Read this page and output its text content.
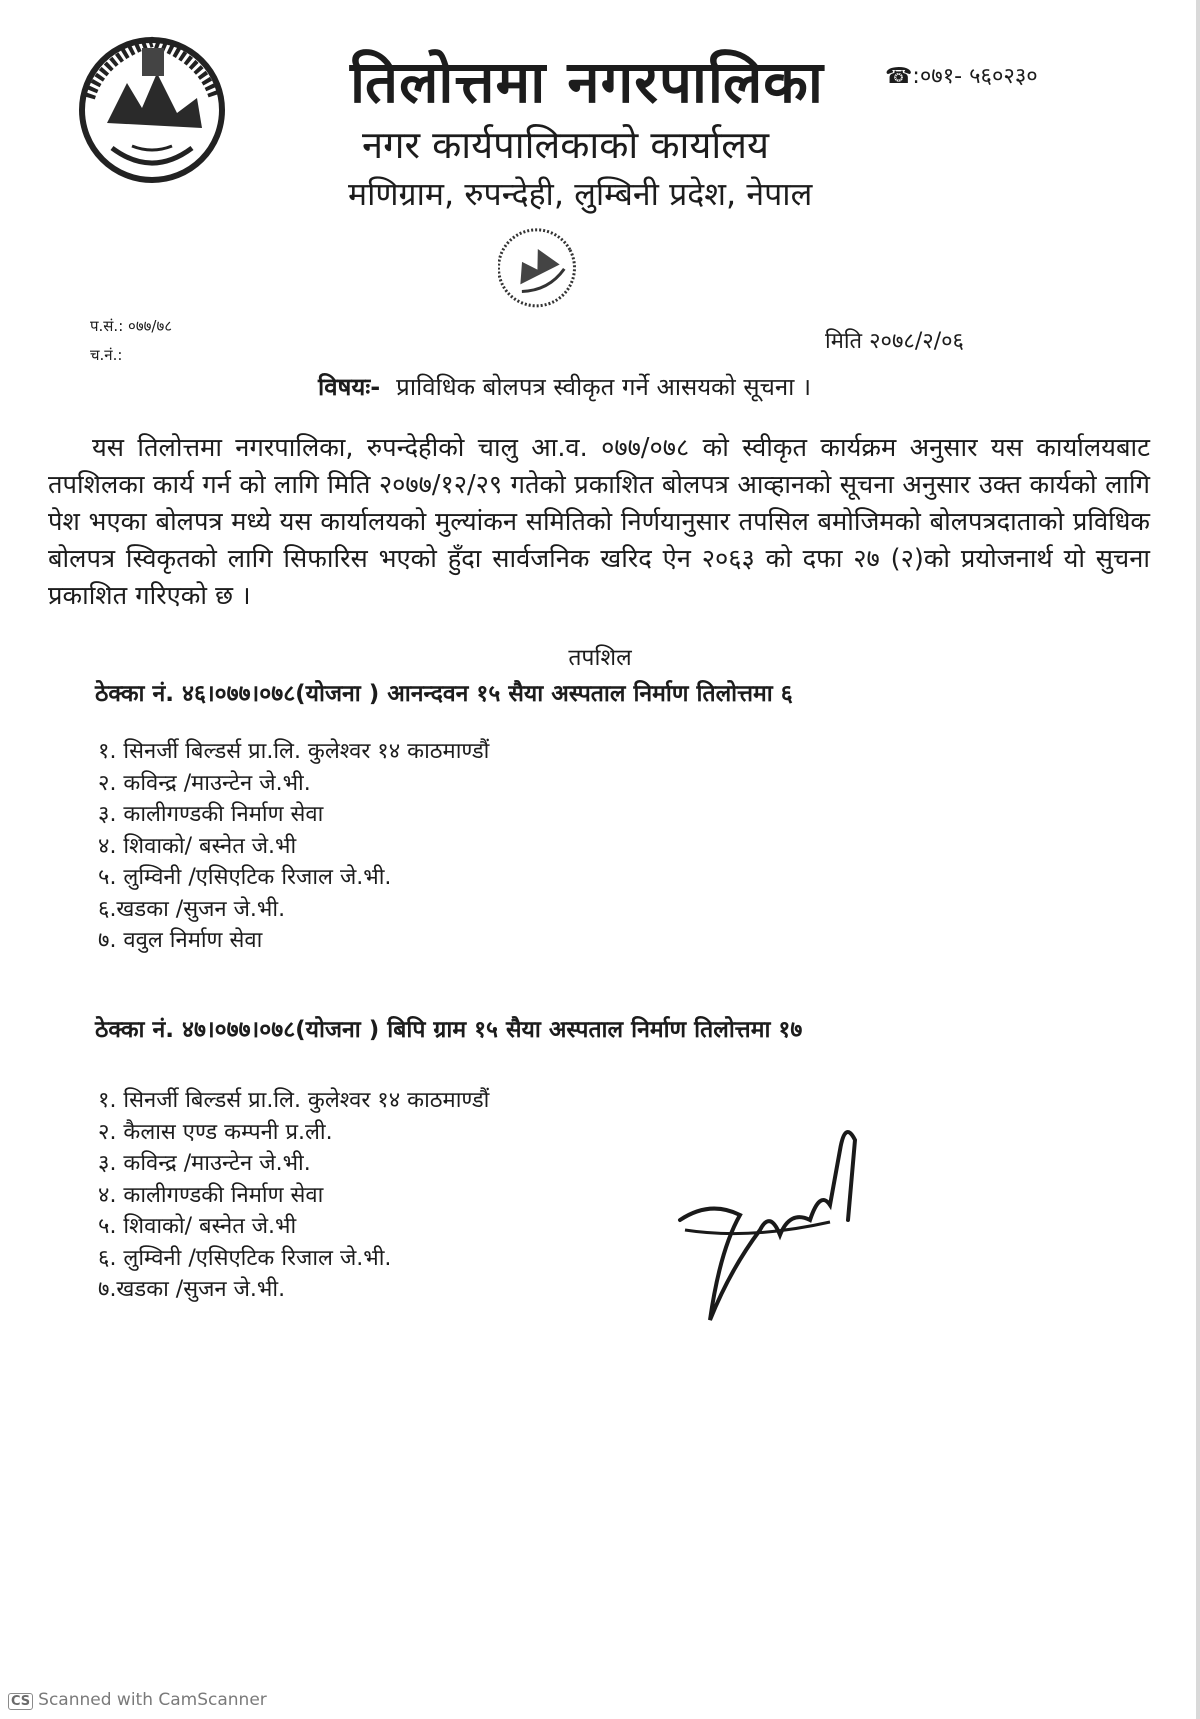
तिलोत्तमा नगरपालिका
नगर कार्यपालिकाको कार्यालय
मणिग्राम, रुपन्देही, लुम्बिनी प्रदेश, नेपाल
☎:०७१- ५६०२३०
प.सं.: ०७७/७८
च.नं.:
मिति २०७८/२/०६
विषयः- प्राविधिक बोलपत्र स्वीकृत गर्ने आसयको सूचना ।
यस तिलोत्तमा नगरपालिका, रुपन्देहीको चालु आ.व. ०७७/०७८ को स्वीकृत कार्यक्रम अनुसार यस कार्यालयबाट तपशिलका कार्य गर्न को लागि मिति २०७७/१२/२९ गतेको प्रकाशित बोलपत्र आव्हानको सूचना अनुसार उक्त कार्यको लागि पेश भएका बोलपत्र मध्ये यस कार्यालयको मुल्यांकन समितिको निर्णयानुसार तपसिल बमोजिमको बोलपत्रदाताको प्रविधिक बोलपत्र स्विकृतको लागि सिफारिस भएको हुँदा सार्वजनिक खरिद ऐन २०६३ को दफा २७ (२)को प्रयोजनार्थ यो सुचना प्रकाशित गरिएको छ ।
तपशिल
ठेक्का नं. ४६।०७७।०७८(योजना ) आनन्दवन १५ सैया अस्पताल निर्माण तिलोत्तमा ६
१. सिनर्जी बिल्डर्स प्रा.लि. कुलेश्वर १४ काठमाण्डौं
२. कविन्द्र /माउन्टेन जे.भी.
३. कालीगण्डकी निर्माण सेवा
४. शिवाको/ बस्नेत जे.भी
५. लुम्विनी /एसिएटिक रिजाल जे.भी.
६.खडका /सुजन जे.भी.
७. ववुल निर्माण सेवा
ठेक्का नं. ४७।०७७।०७८(योजना ) बिपि ग्राम १५ सैया अस्पताल निर्माण तिलोत्तमा १७
१. सिनर्जी बिल्डर्स प्रा.लि. कुलेश्वर १४ काठमाण्डौं
२. कैलास एण्ड कम्पनी प्र.ली.
३. कविन्द्र /माउन्टेन जे.भी.
४. कालीगण्डकी निर्माण सेवा
५. शिवाको/ बस्नेत जे.भी
६. लुम्विनी /एसिएटिक रिजाल जे.भी.
७.खडका /सुजन जे.भी.
CS Scanned with CamScanner
